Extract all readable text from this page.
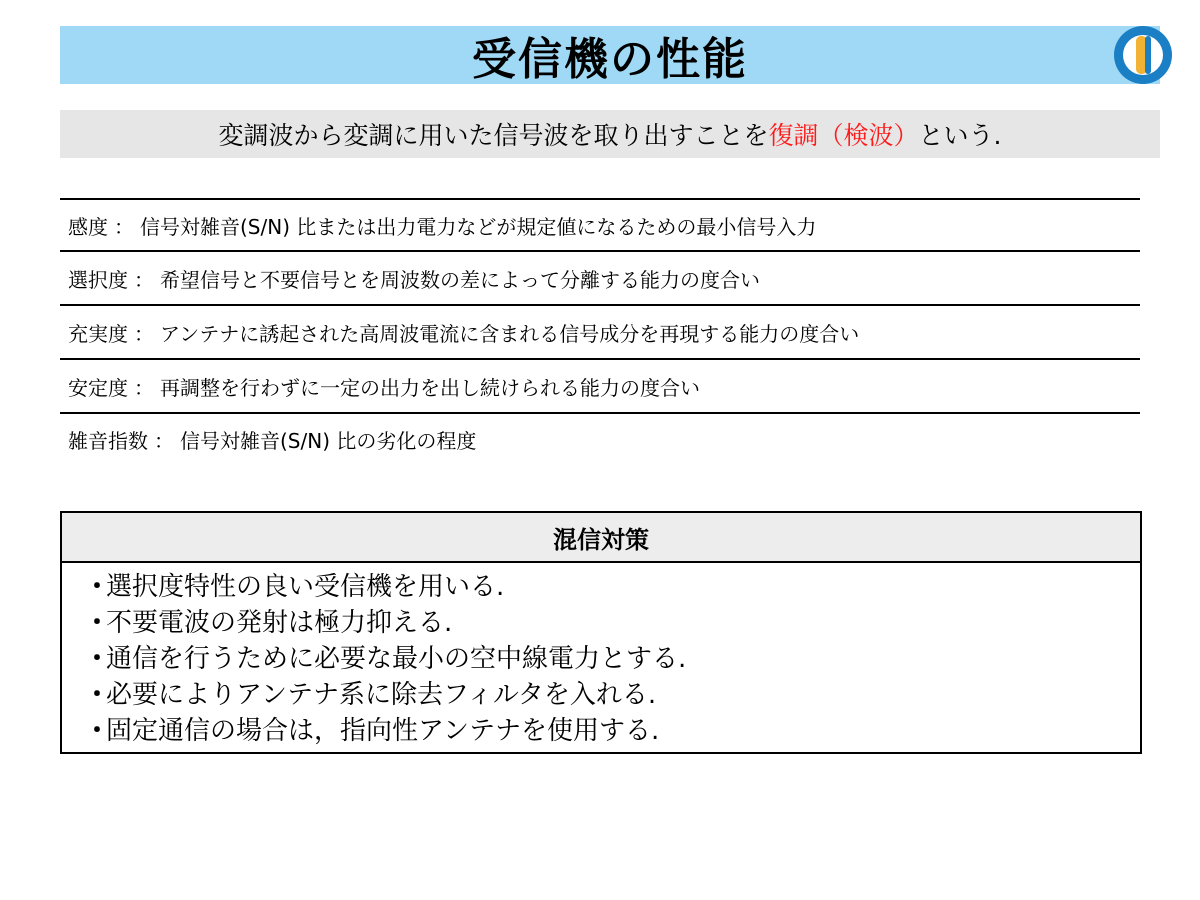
受信機の性能
変調波から変調に用いた信号波を取り出すことを 復調（検波） という.
感度 ： 信号対雑音(S/N) 比または出力電力などが規定値になるための最小信号入力
選択度 ： 希望信号と不要信号とを周波数の差によって分離する能力の度合い
充実度 ： アンテナに誘起された高周波電流に含まれる信号成分を再現する能力の度合い
安定度 ： 再調整を行わずに一定の出力を出し続けられる能力の度合い
雑音指数 ： 信号対雑音(S/N) 比の劣化の程度
混信対策
・
選択度特性の良い受信機を用いる.
・
不要電波の発射は極力抑える.
・
通信を行うために必要な最小の空中線電力とする.
・
必要によりアンテナ系に除去フィルタを入れる.
・
固定通信の場合は，指向性アンテナを使用する.
